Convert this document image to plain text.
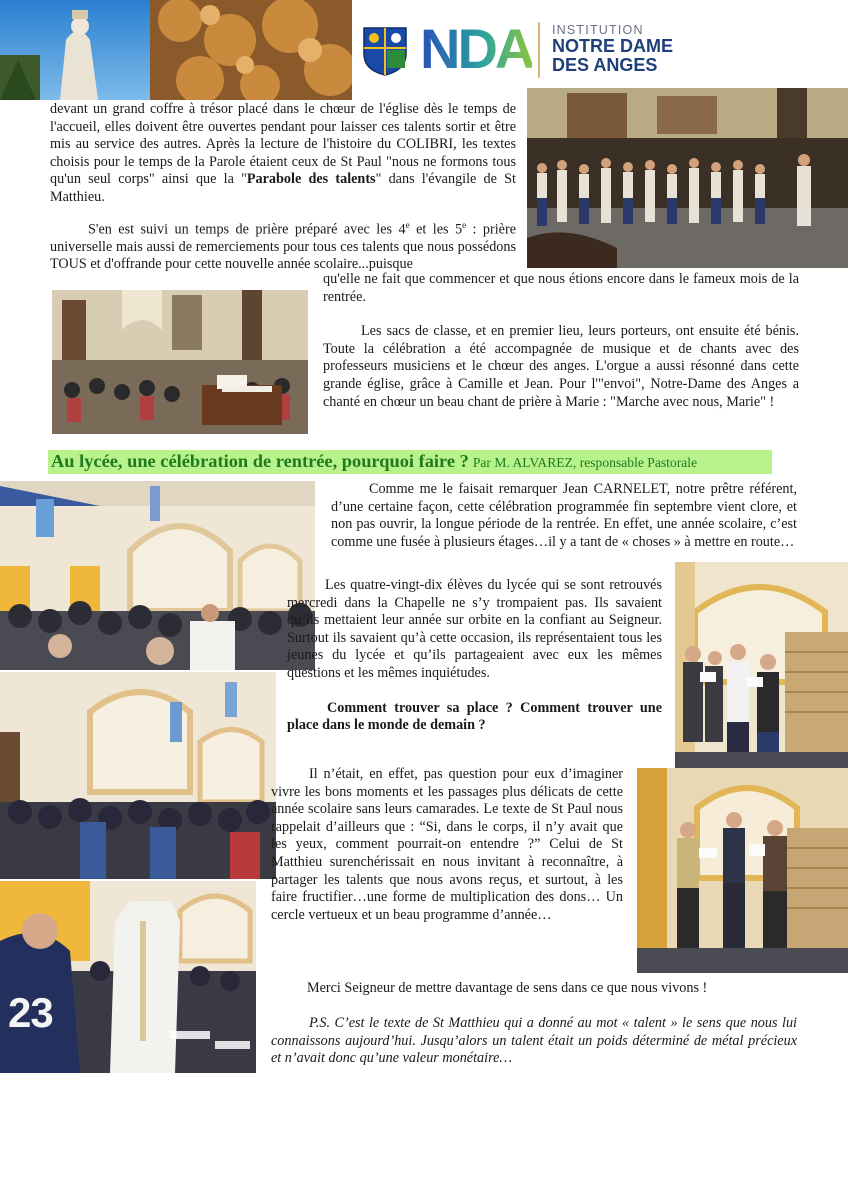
NDA INSTITUTION
NOTRE DAME
DES ANGES

devant un grand coffre à trésor placé dans le chœur de l'église dès le temps de l'accueil, elles doivent être ouvertes pendant pour laisser ces talents sortir et être mis au service des autres. Après la lecture de l'histoire du COLIBRI, les textes choisis pour le temps de la Parole étaient ceux de St Paul "nous ne formons tous qu'un seul corps" ainsi que la "Parabole des talents" dans l'évangile de St Matthieu.

S'en est suivi un temps de prière préparé avec les 4e et les 5e : prière universelle mais aussi de remerciements pour tous ces talents que nous possédons TOUS et d'offrande pour cette nouvelle année scolaire...puisque

qu'elle ne fait que commencer et que nous étions encore dans le fameux mois de la rentrée.

Les sacs de classe, et en premier lieu, leurs porteurs, ont ensuite été bénis. Toute la célébration a été accompagnée de musique et de chants avec des professeurs musiciens et le chœur des anges. L'orgue a aussi résonné dans cette grande église, grâce à Camille et Jean. Pour l'"envoi", Notre-Dame des Anges a chanté en chœur un beau chant de prière à Marie : "Marche avec nous, Marie" !

Au lycée, une célébration de rentrée, pourquoi faire ? Par M. ALVAREZ, responsable Pastorale

Comme me le faisait remarquer Jean CARNELET, notre prêtre référent, d’une certaine façon, cette célébration programmée fin septembre vient clore, et non pas ouvrir, la longue période de la rentrée. En effet, une année scolaire, c’est comme une fusée à plusieurs étages…il y a tant de « choses » à mettre en route…

Les quatre-vingt-dix élèves du lycée qui se sont retrouvés mercredi dans la Chapelle ne s’y trompaient pas. Ils savaient qu’ils mettaient leur année sur orbite en la confiant au Seigneur. Surtout ils savaient qu’à cette occasion, ils représentaient tous les jeunes du lycée et qu’ils partageaient avec eux les mêmes questions et les mêmes inquiétudes.

Comment trouver sa place ? Comment trouver une place dans le monde de demain ?

Il n’était, en effet, pas question pour eux d’imaginer vivre les bons moments et les passages plus délicats de cette année scolaire sans leurs camarades. Le texte de St Paul nous rappelait d’ailleurs que : “Si, dans le corps, il n’y avait que les yeux, comment pourrait-on entendre ?” Celui de St Matthieu surenchérissait en nous invitant à reconnaître, à partager les talents que nous avons reçus, et surtout, à les faire fructifier…une forme de multiplication des dons… Un cercle vertueux et un beau programme d’année…

23

Merci Seigneur de mettre davantage de sens dans ce que nous vivons !

P.S. C’est le texte de St Matthieu qui a donné au mot « talent » le sens que nous lui connaissons aujourd’hui. Jusqu’alors un talent était un poids déterminé de métal précieux et n’avait donc qu’une valeur monétaire…
